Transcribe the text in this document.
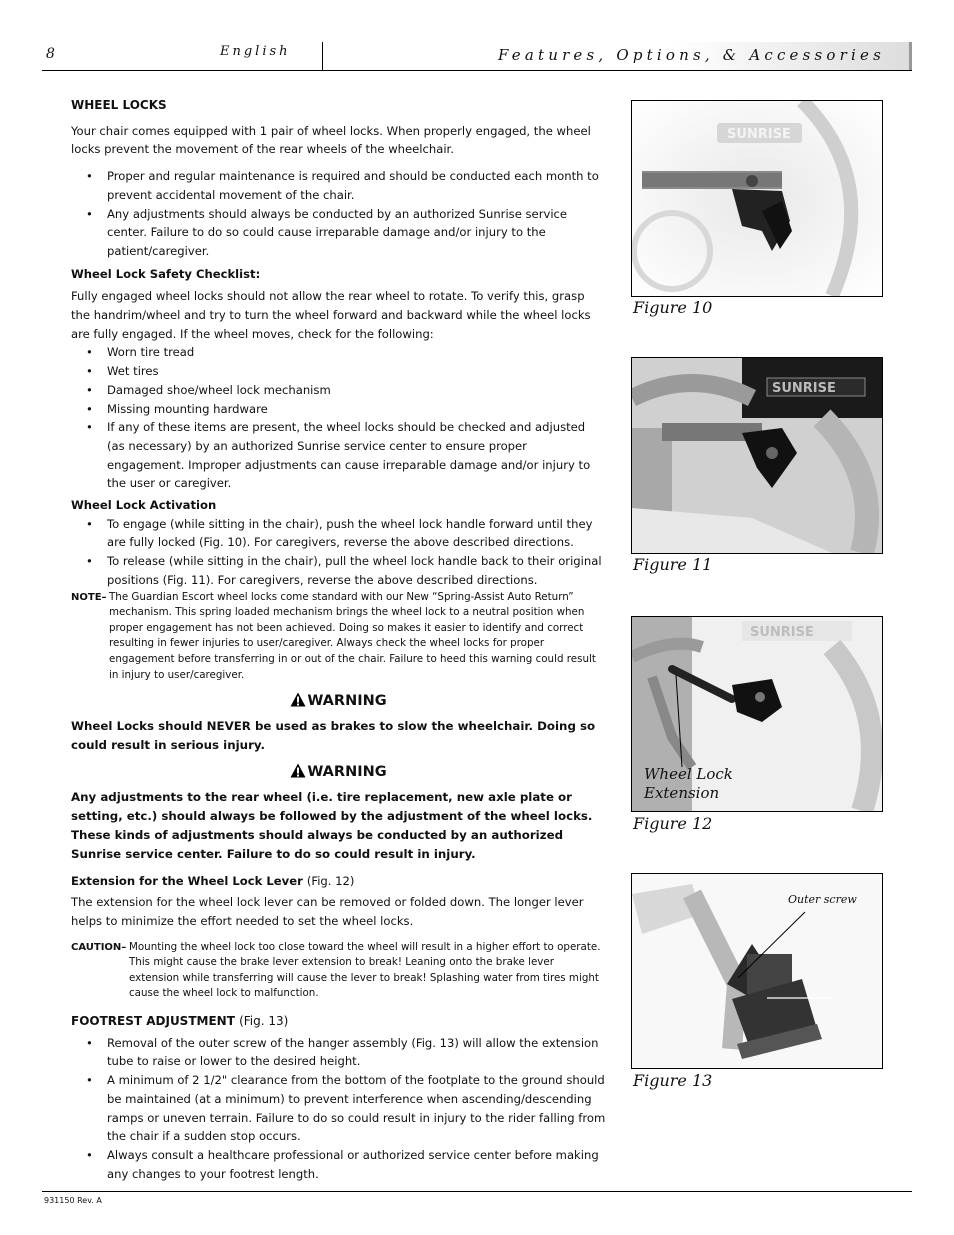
8	English	Features, Options, & Accessories

WHEEL LOCKS

Your chair comes equipped with 1 pair of wheel locks. When properly engaged, the wheel locks prevent the movement of the rear wheels of the wheelchair.

• Proper and regular maintenance is required and should be conducted each month to prevent accidental movement of the chair.
• Any adjustments should always be conducted by an authorized Sunrise service center. Failure to do so could cause irreparable damage and/or injury to the patient/caregiver.

Wheel Lock Safety Checklist:

Fully engaged wheel locks should not allow the rear wheel to rotate. To verify this, grasp the handrim/wheel and try to turn the wheel forward and backward while the wheel locks are fully engaged. If the wheel moves, check for the following:

• Worn tire tread
• Wet tires
• Damaged shoe/wheel lock mechanism
• Missing mounting hardware
• If any of these items are present, the wheel locks should be checked and adjusted (as necessary) by an authorized Sunrise service center to ensure proper engagement. Improper adjustments can cause irreparable damage and/or injury to the user or caregiver.

Wheel Lock Activation

• To engage (while sitting in the chair), push the wheel lock handle forward until they are fully locked (Fig. 10). For caregivers, reverse the above described directions.
• To release (while sitting in the chair), pull the wheel lock handle back to their original positions (Fig. 11). For caregivers, reverse the above described directions.
NOTE– The Guardian Escort wheel locks come standard with our New “Spring-Assist Auto Return” mechanism. This spring loaded mechanism brings the wheel lock to a neutral position when proper engagement has not been achieved. Doing so makes it easier to identify and correct resulting in fewer injuries to user/caregiver. Always check the wheel locks for proper engagement before transferring in or out of the chair. Failure to heed this warning could result in injury to user/caregiver.

WARNING

Wheel Locks should NEVER be used as brakes to slow the wheelchair. Doing so could result in serious injury.

WARNING

Any adjustments to the rear wheel (i.e. tire replacement, new axle plate or setting, etc.) should always be followed by the adjustment of the wheel locks. These kinds of adjustments should always be conducted by an authorized Sunrise service center. Failure to do so could result in injury.

Extension for the Wheel Lock Lever (Fig. 12)

The extension for the wheel lock lever can be removed or folded down. The longer lever helps to minimize the effort needed to set the wheel locks.

CAUTION– Mounting the wheel lock too close toward the wheel will result in a higher effort to operate. This might cause the brake lever extension to break! Leaning onto the brake lever extension while transferring will cause the lever to break! Splashing water from tires might cause the wheel lock to malfunction.

FOOTREST ADJUSTMENT (Fig. 13)

• Removal of the outer screw of the hanger assembly (Fig. 13) will allow the extension tube to raise or lower to the desired height.
• A minimum of 2 1/2" clearance from the bottom of the footplate to the ground should be maintained (at a minimum) to prevent interference when ascending/descending ramps or uneven terrain. Failure to do so could result in injury to the rider falling from the chair if a sudden stop occurs.
• Always consult a healthcare professional or authorized service center before making any changes to your footrest length.
SUNRISE
Figure 10
SUNRISE
Figure 11
SUNRISE
Wheel Lock
Extension
Figure 12
Outer screw
Figure 13
931150 Rev. A
